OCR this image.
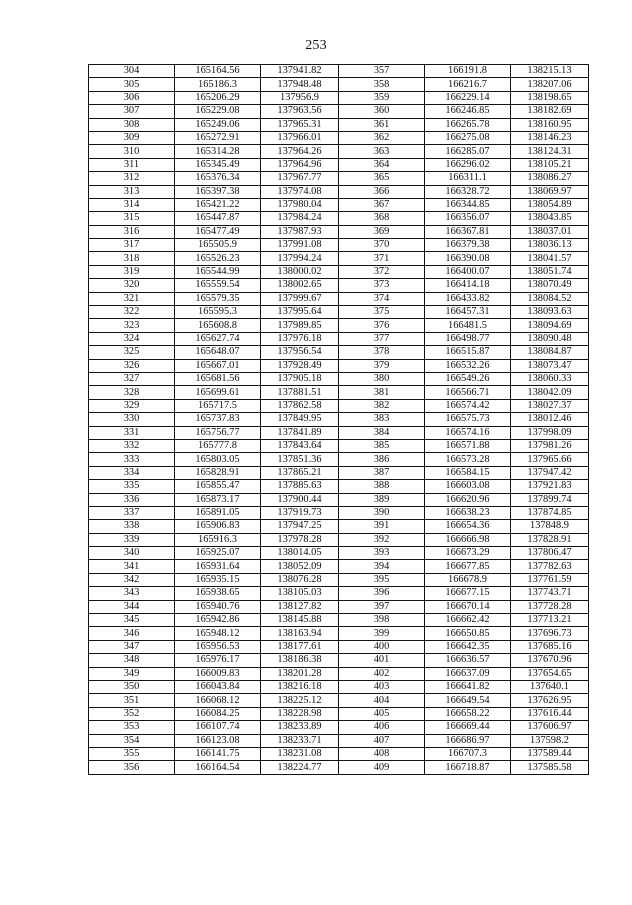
253
304	165164.56	137941.82	357	166191.8	138215.13
305	165186.3	137948.48	358	166216.7	138207.06
306	165206.29	137956.9	359	166229.14	138198.65
307	165229.08	137963.56	360	166246.85	138182.69
308	165249.06	137965.31	361	166265.78	138160.95
309	165272.91	137966.01	362	166275.08	138146.23
310	165314.28	137964.26	363	166285.07	138124.31
311	165345.49	137964.96	364	166296.02	138105.21
312	165376.34	137967.77	365	166311.1	138086.27
313	165397.38	137974.08	366	166328.72	138069.97
314	165421.22	137980.04	367	166344.85	138054.89
315	165447.87	137984.24	368	166356.07	138043.85
316	165477.49	137987.93	369	166367.81	138037.01
317	165505.9	137991.08	370	166379.38	138036.13
318	165526.23	137994.24	371	166390.08	138041.57
319	165544.99	138000.02	372	166400.07	138051.74
320	165559.54	138002.65	373	166414.18	138070.49
321	165579.35	137999.67	374	166433.82	138084.52
322	165595.3	137995.64	375	166457.31	138093.63
323	165608.8	137989.85	376	166481.5	138094.69
324	165627.74	137976.18	377	166498.77	138090.48
325	165648.07	137956.54	378	166515.87	138084.87
326	165667.01	137928.49	379	166532.26	138073.47
327	165681.56	137905.18	380	166549.26	138060.33
328	165699.61	137881.51	381	166566.71	138042.09
329	165717.5	137862.58	382	166574.42	138027.37
330	165737.83	137849.95	383	166575.73	138012.46
331	165756.77	137841.89	384	166574.16	137998.09
332	165777.8	137843.64	385	166571.88	137981.26
333	165803.05	137851.36	386	166573.28	137965.66
334	165828.91	137865.21	387	166584.15	137947.42
335	165855.47	137885.63	388	166603.08	137921.83
336	165873.17	137900.44	389	166620.96	137899.74
337	165891.05	137919.73	390	166638.23	137874.85
338	165906.83	137947.25	391	166654.36	137848.9
339	165916.3	137978.28	392	166666.98	137828.91
340	165925.07	138014.05	393	166673.29	137806.47
341	165931.64	138052.09	394	166677.85	137782.63
342	165935.15	138076.28	395	166678.9	137761.59
343	165938.65	138105.03	396	166677.15	137743.71
344	165940.76	138127.82	397	166670.14	137728.28
345	165942.86	138145.88	398	166662.42	137713.21
346	165948.12	138163.94	399	166650.85	137696.73
347	165956.53	138177.61	400	166642.35	137685.16
348	165976.17	138186.38	401	166636.57	137670.96
349	166009.83	138201.28	402	166637.09	137654.65
350	166043.84	138216.18	403	166641.82	137640.1
351	166068.12	138225.12	404	166649.54	137626.95
352	166084.25	138228.98	405	166658.22	137616.44
353	166107.74	138233.89	406	166669.44	137606.97
354	166123.08	138233.71	407	166686.97	137598.2
355	166141.75	138231.08	408	166707.3	137589.44
356	166164.54	138224.77	409	166718.87	137585.58
